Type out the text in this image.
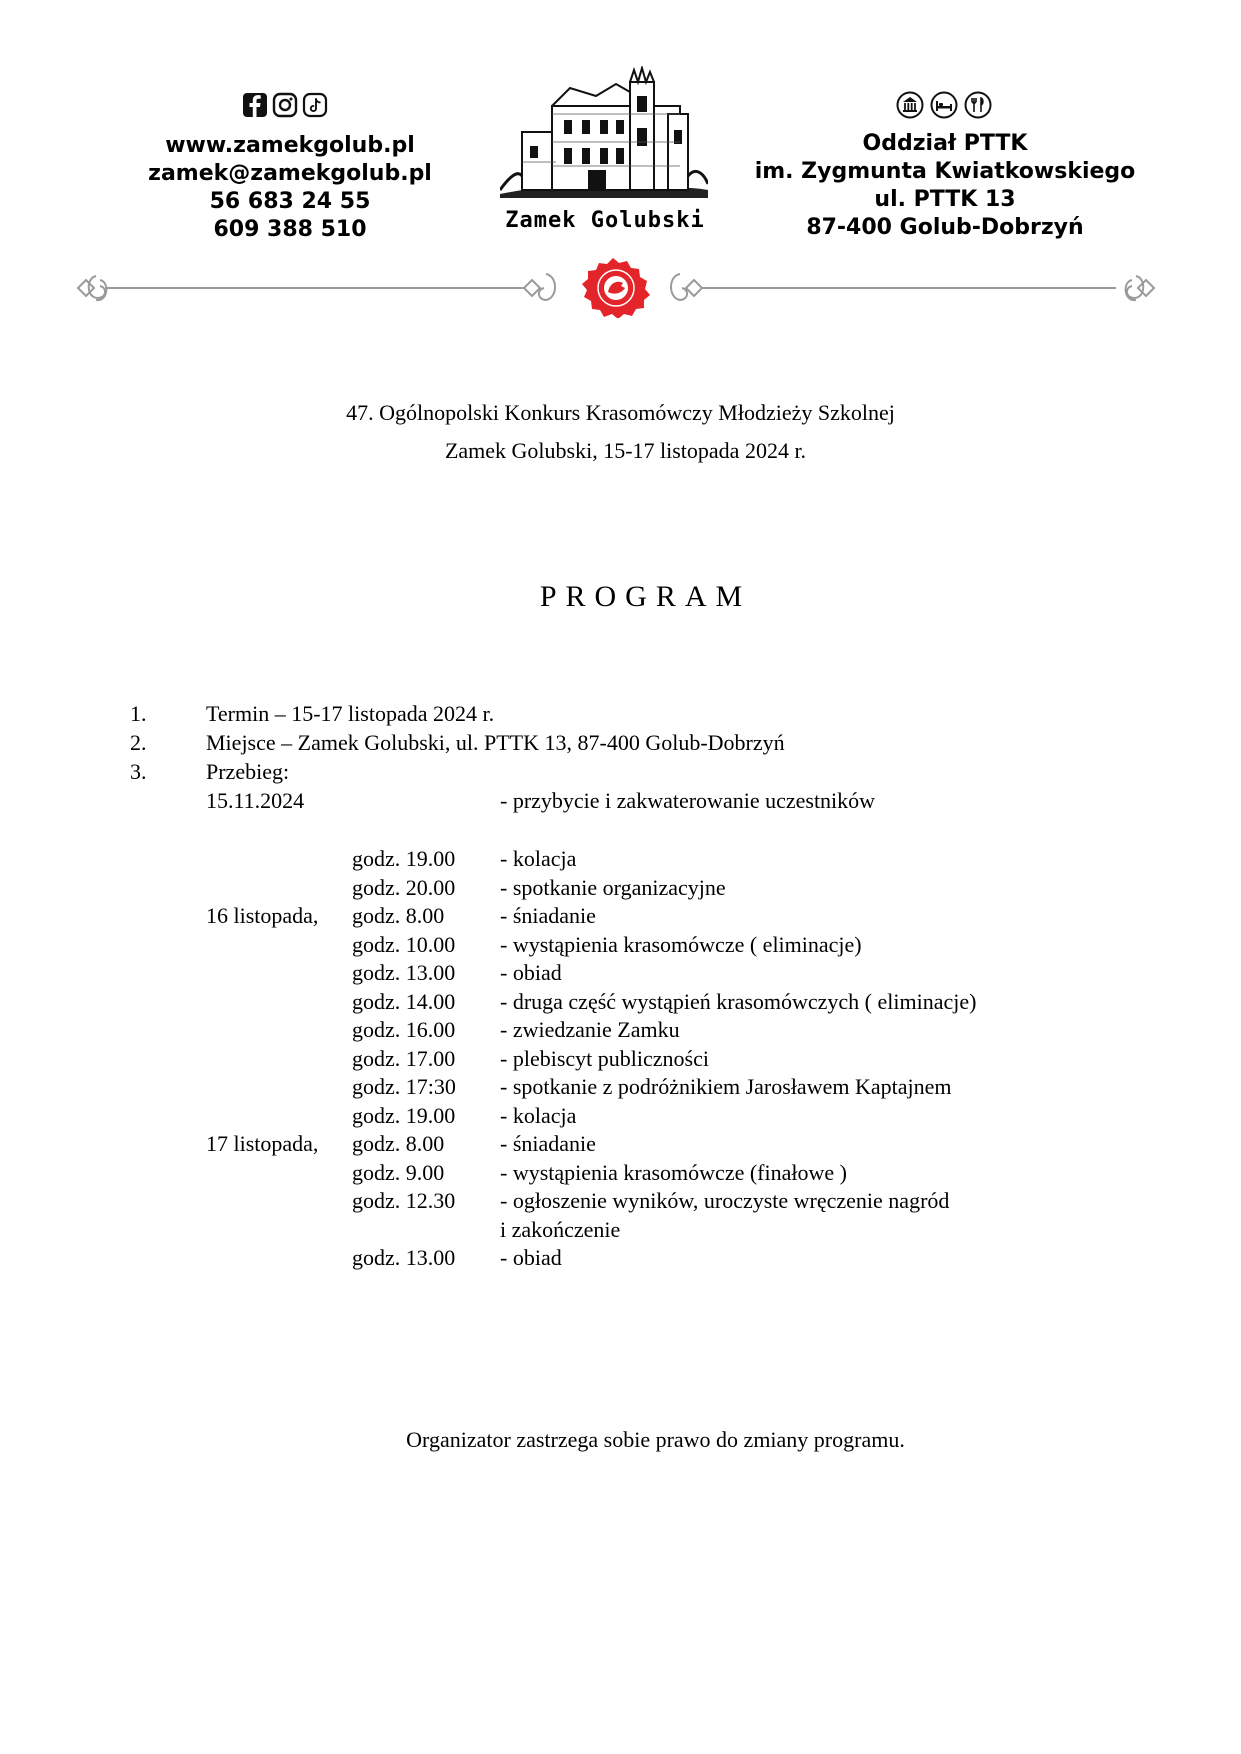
www.zamekgolub.pl
zamek@zamekgolub.pl
56 683 24 55
609 388 510	Zamek Golubski
Oddział PTTK
im. Zygmunta Kwiatkowskiego
ul. PTTK 13
87-400 Golub-Dobrzyń
47. Ogólnopolski Konkurs Krasomówczy Młodzieży Szkolnej
Zamek Golubski, 15-17 listopada 2024 r.
PROGRAM
1.	Termin – 15-17 listopada 2024 r.
2.	Miejsce – Zamek Golubski, ul. PTTK 13, 87-400 Golub-Dobrzyń
3.	Przebieg:
15.11.2024	- przybycie i zakwaterowanie uczestników
godz. 19.00 - kolacja
godz. 20.00 - spotkanie organizacyjne
16 listopada, godz. 8.00	- śniadanie
godz. 10.00 - wystąpienia krasomówcze ( eliminacje)
godz. 13.00 - obiad
godz. 14.00 - druga część wystąpień krasomówczych ( eliminacje)
godz. 16.00 - zwiedzanie Zamku
godz. 17.00 - plebiscyt publiczności
godz. 17:30 - spotkanie z podróżnikiem Jarosławem Kaptajnem
godz. 19.00 - kolacja
17 listopada, godz. 8.00	- śniadanie
godz. 9.00	- wystąpienia krasomówcze (finałowe )
godz. 12.30 - ogłoszenie wyników, uroczyste wręczenie nagród
i zakończenie
godz. 13.00 - obiad
Organizator zastrzega sobie prawo do zmiany programu.
